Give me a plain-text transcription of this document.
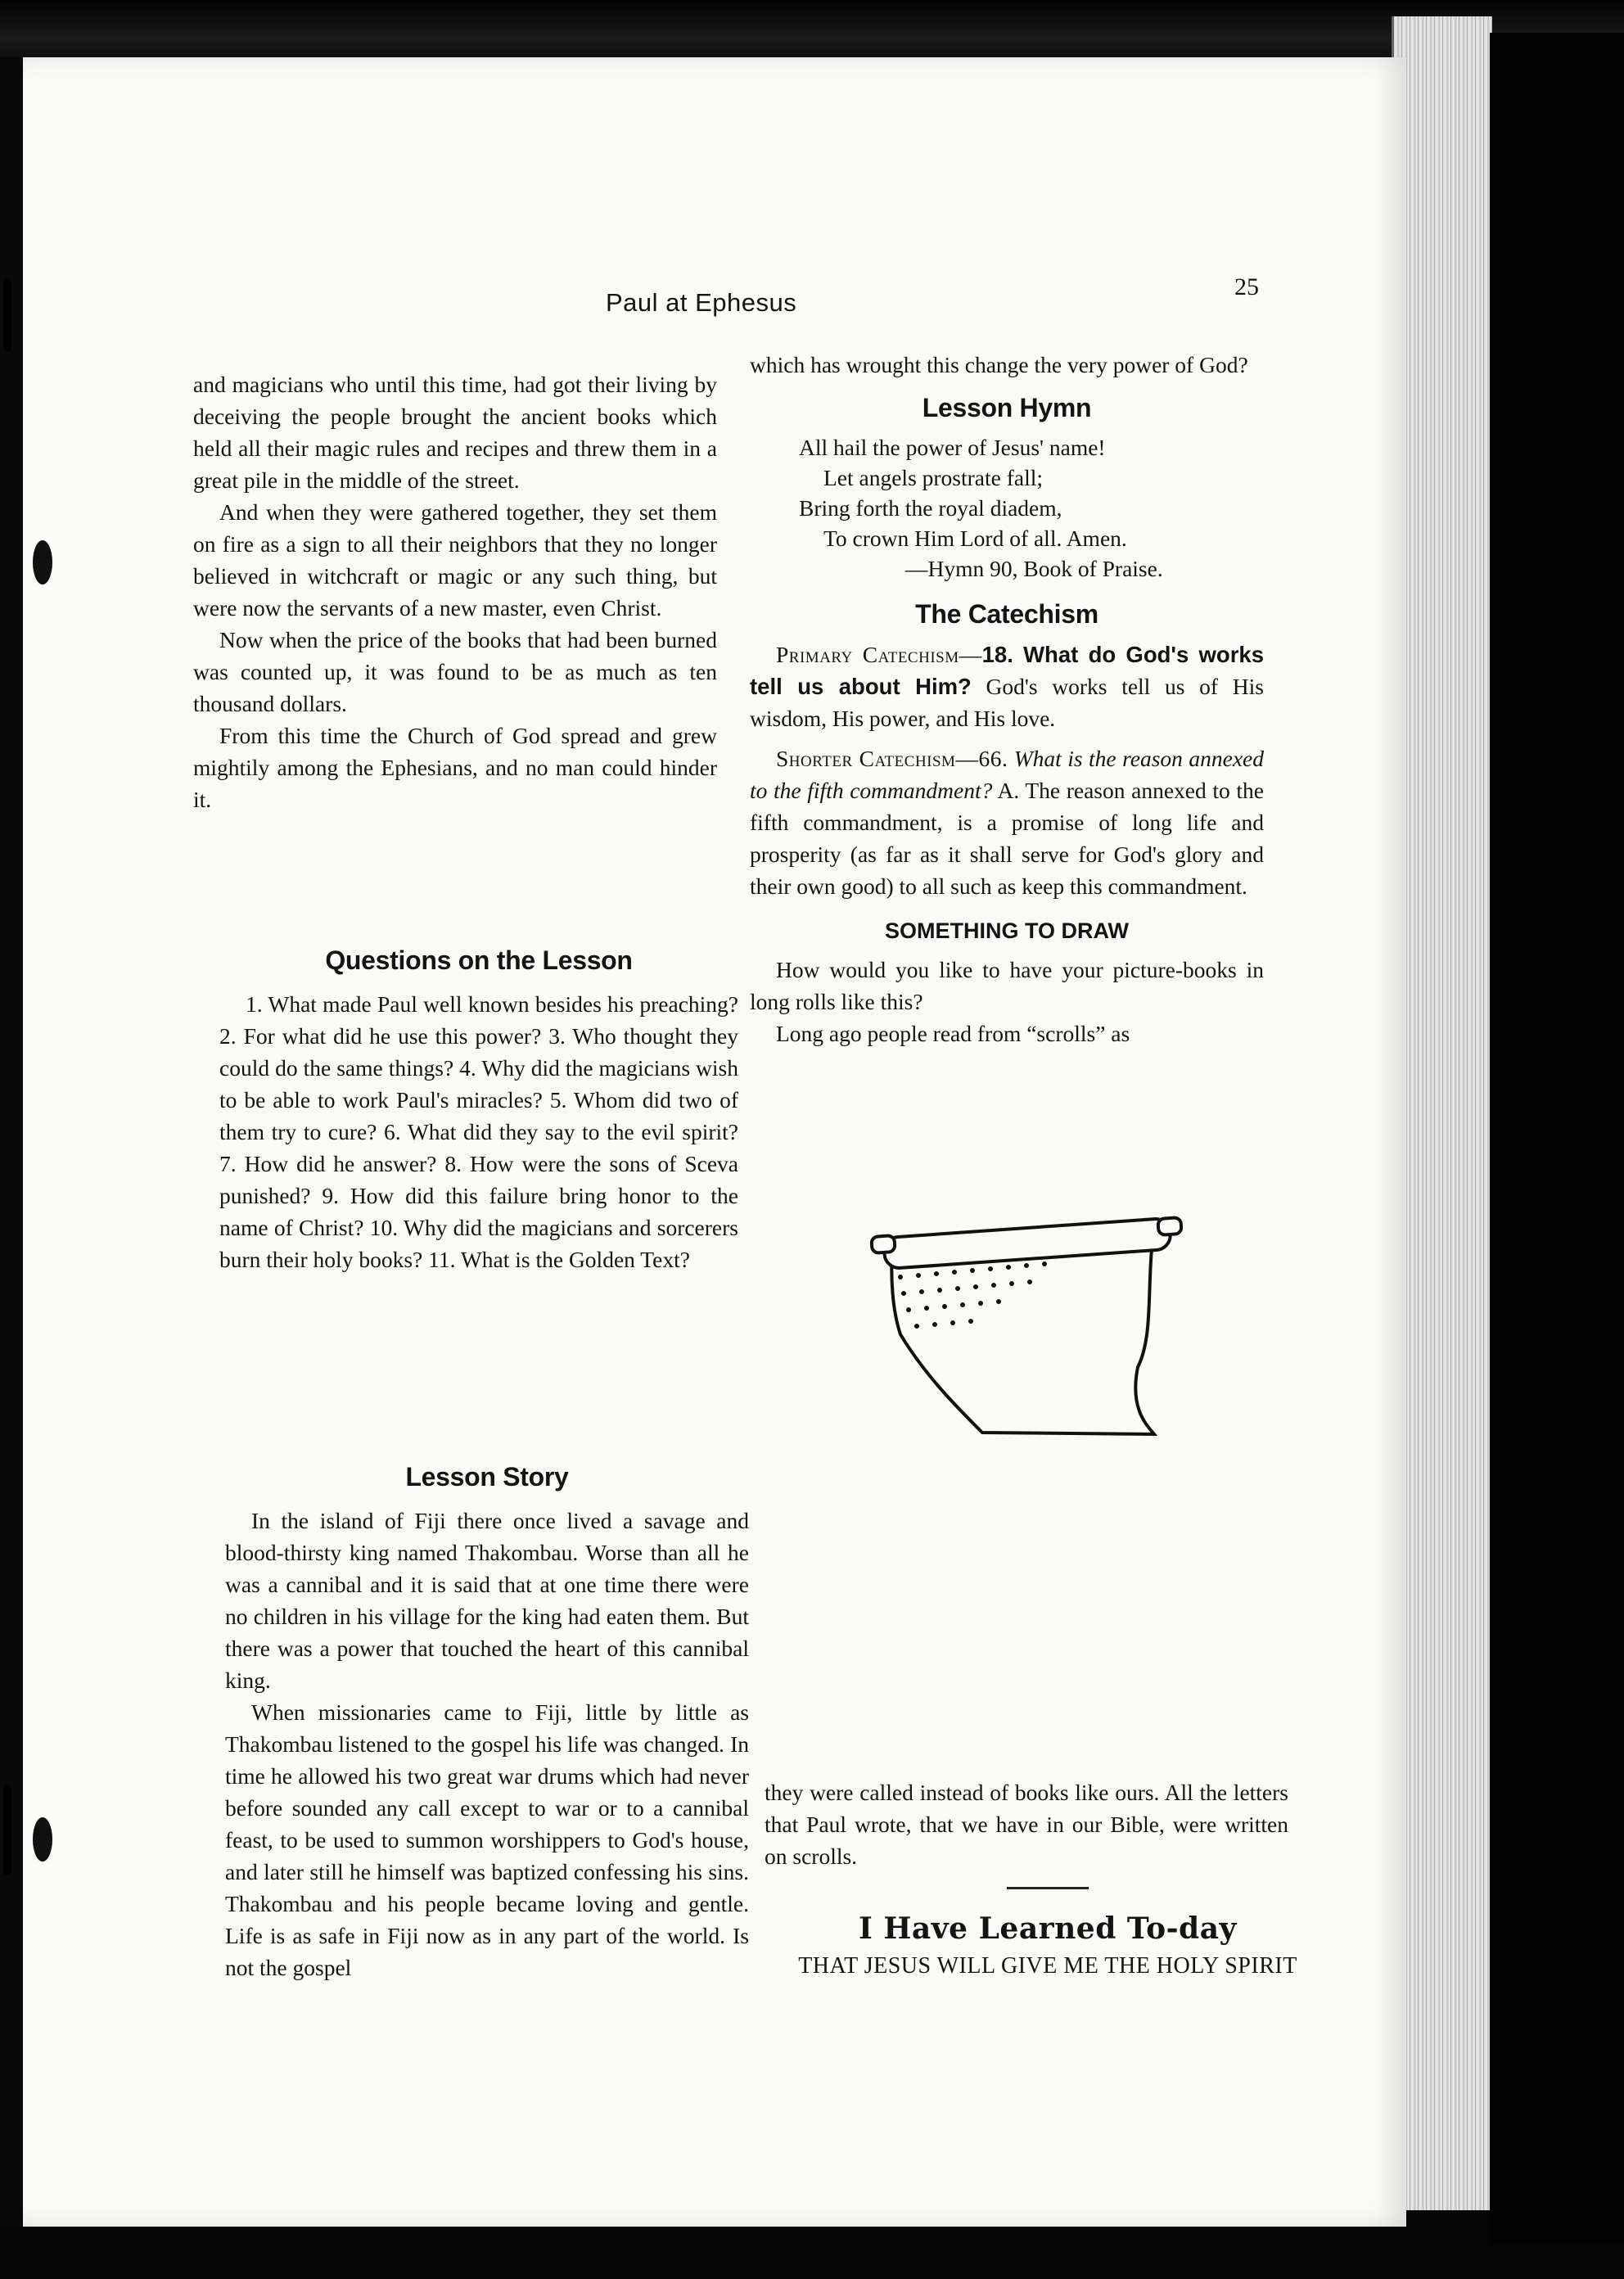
Paul at Ephesus
25

and magicians who until this time, had got their living by deceiving the people brought the ancient books which held all their magic rules and recipes and threw them in a great pile in the middle of the street.

And when they were gathered together, they set them on fire as a sign to all their neighbors that they no longer believed in witchcraft or magic or any such thing, but were now the servants of a new master, even Christ.

Now when the price of the books that had been burned was counted up, it was found to be as much as ten thousand dollars.

From this time the Church of God spread and grew mightily among the Ephesians, and no man could hinder it.

Questions on the Lesson

1. What made Paul well known besides his preaching? 2. For what did he use this power? 3. Who thought they could do the same things? 4. Why did the magicians wish to be able to work Paul's miracles? 5. Whom did two of them try to cure? 6. What did they say to the evil spirit? 7. How did he answer? 8. How were the sons of Sceva punished? 9. How did this failure bring honor to the name of Christ? 10. Why did the magicians and sorcerers burn their holy books? 11. What is the Golden Text?

Lesson Story

In the island of Fiji there once lived a savage and blood-thirsty king named Thakombau. Worse than all he was a cannibal and it is said that at one time there were no children in his village for the king had eaten them. But there was a power that touched the heart of this cannibal king.

When missionaries came to Fiji, little by little as Thakombau listened to the gospel his life was changed. In time he allowed his two great war drums which had never before sounded any call except to war or to a cannibal feast, to be used to summon worshippers to God's house, and later still he himself was baptized confessing his sins. Thakombau and his people became loving and gentle. Life is as safe in Fiji now as in any part of the world. Is not the gospel

which has wrought this change the very power of God?

Lesson Hymn
All hail the power of Jesus' name!
Let angels prostrate fall;
Bring forth the royal diadem,
To crown Him Lord of all. Amen.
—Hymn 90, Book of Praise.
The Catechism

Primary Catechism—18. What do God's works tell us about Him? God's works tell us of His wisdom, His power, and His love.

Shorter Catechism—66. What is the reason annexed to the fifth commandment? A. The reason annexed to the fifth commandment, is a promise of long life and prosperity (as far as it shall serve for God's glory and their own good) to all such as keep this commandment.

SOMETHING TO DRAW

How would you like to have your picture-books in long rolls like this?

Long ago people read from “scrolls” as

they were called instead of books like ours. All the letters that Paul wrote, that we have in our Bible, were written on scrolls.

I Have Learned To-day
THAT JESUS WILL GIVE ME THE HOLY SPIRIT
